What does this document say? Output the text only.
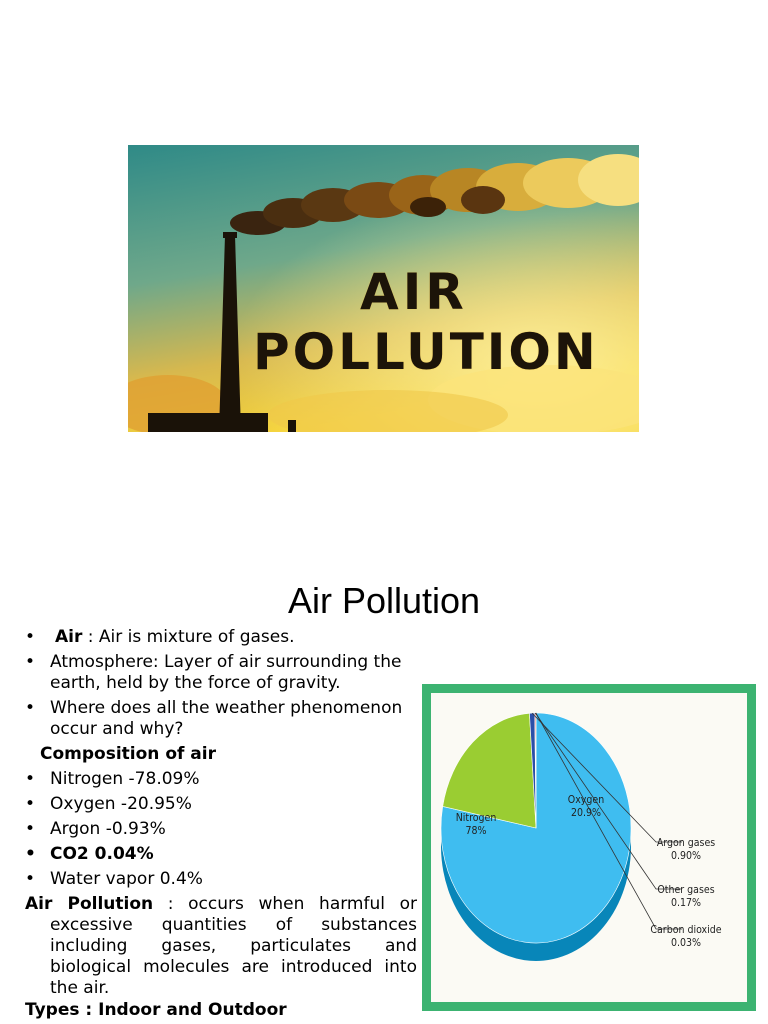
AIR
POLLUTION
Air Pollution
• Air : Air is mixture of gases.
• Atmosphere: Layer of air surrounding the earth, held by the force of gravity.
• Where does all the weather phenomenon occur and why?
Composition of air
• Nitrogen -78.09%
• Oxygen -20.95%
• Argon -0.93%
• CO2 0.04%
• Water vapor 0.4%
Air Pollution : occurs when harmful or excessive quantities of substances including gases, particulates and biological molecules are introduced into the air.
Types : Indoor and Outdoor
Nitrogen
78%
Oxygen
20.9%
Argon gases
0.90%
Other gases
0.17%
Carbon dioxide
0.03%
